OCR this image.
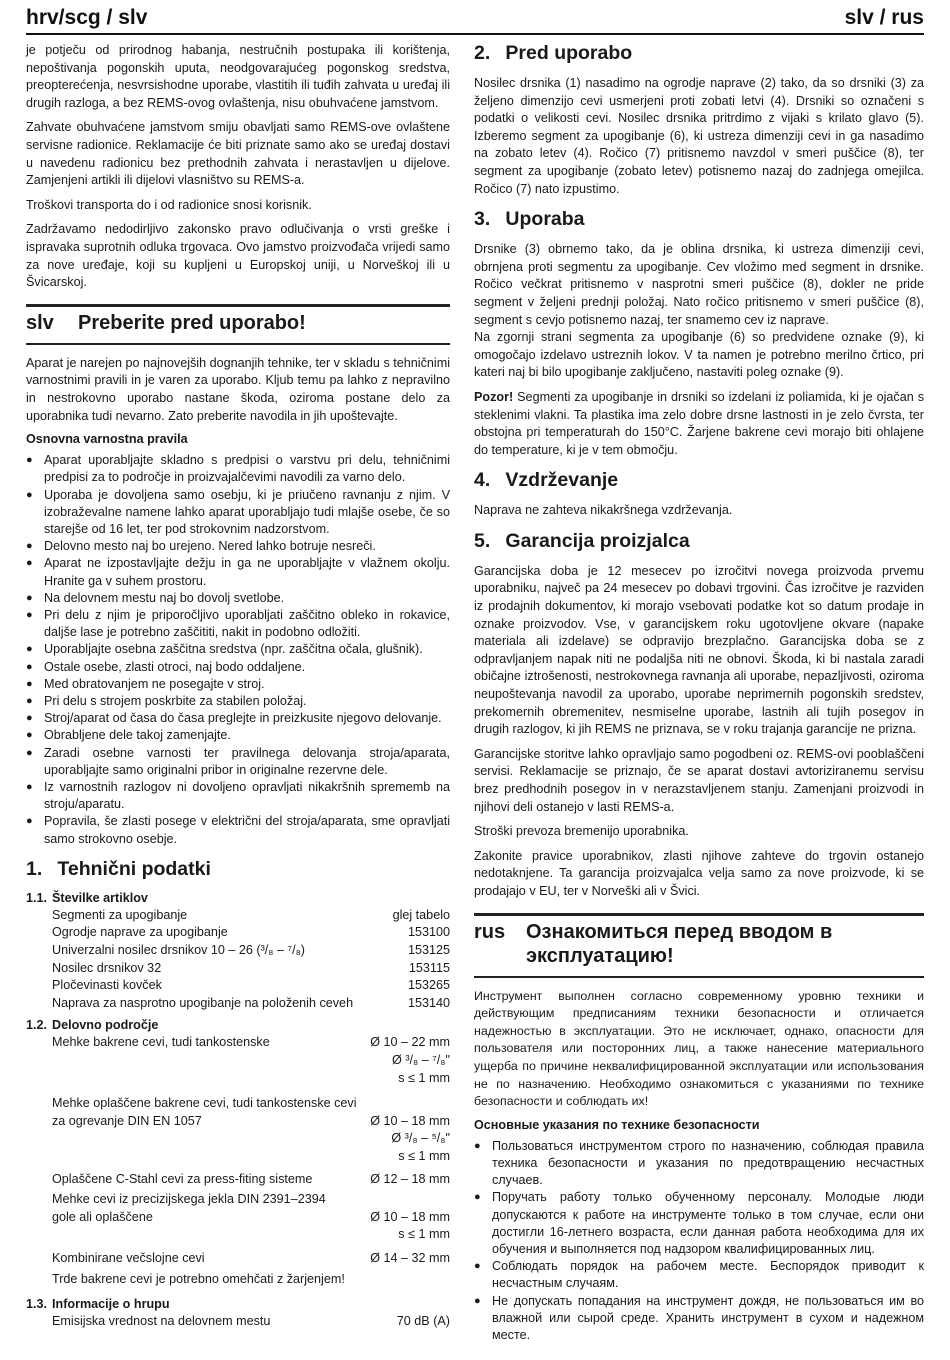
hrv/scg / slv	slv / rus

je potječu od prirodnog habanja, nestručnih postupaka ili korištenja, nepoštivanja pogonskih uputa, neodgovarajućeg pogonskog sredstva, preopterećenja, nesvrsishodne uporabe, vlastitih ili tuđih zahvata u uređaj ili drugih razloga, a bez REMS-ovog ovlaštenja, nisu obuhvaćene jamstvom.

Zahvate obuhvaćene jamstvom smiju obavljati samo REMS-ove ovlaštene servisne radionice. Reklamacije će biti priznate samo ako se uređaj dostavi u navedenu radionicu bez prethodnih zahvata i nerastavljen u dijelove. Zamjenjeni artikli ili dijelovi vlasništvo su REMS-a.

Troškovi transporta do i od radionice snosi korisnik.

Zadržavamo nedodirljivo zakonsko pravo odlučivanja o vrsti greške i ispravaka suprotnih odluka trgovaca. Ovo jamstvo proizvođača vrijedi samo za nove uređaje, koji su kupljeni u Europskoj uniji, u Norveškoj ili u Švicarskoj.

slv	Preberite pred uporabo!

Aparat je narejen po najnovejših dognanjih tehnike, ter v skladu s tehničnimi varnostnimi pravili in je varen za uporabo. Kljub temu pa lahko z nepravilno in nestrokovno uporabo nastane škoda, oziroma postane delo za uporabnika tudi nevarno. Zato preberite navodila in jih upoštevajte.

Osnovna varnostna pravila
● Aparat uporabljajte skladno s predpisi o varstvu pri delu, tehničnimi predpisi za to področje in proizvajalčevimi navodili za varno delo.
● Uporaba je dovoljena samo osebju, ki je priučeno ravnanju z njim. V izobraževalne namene lahko aparat uporabljajo tudi mlajše osebe, če so starejše od 16 let, ter pod strokovnim nadzorstvom.
● Delovno mesto naj bo urejeno. Nered lahko botruje nesreči.
● Aparat ne izpostavljajte dežju in ga ne uporabljajte v vlažnem okolju. Hranite ga v suhem prostoru.
● Na delovnem mestu naj bo dovolj svetlobe.
● Pri delu z njim je priporočljivo uporabljati zaščitno obleko in rokavice, daljše lase je potrebno zaščititi, nakit in podobno odložiti.
● Uporabljajte osebna zaščitna sredstva (npr. zaščitna očala, glušnik).
● Ostale osebe, zlasti otroci, naj bodo oddaljene.
● Med obratovanjem ne posegajte v stroj.
● Pri delu s strojem poskrbite za stabilen položaj.
● Stroj/aparat od časa do časa preglejte in preizkusite njegovo delovanje.
● Obrabljene dele takoj zamenjajte.
● Zaradi osebne varnosti ter pravilnega delovanja stroja/aparata, uporabljajte samo originalni pribor in originalne rezervne dele.
● Iz varnostnih razlogov ni dovoljeno opravljati nikakršnih sprememb na stroju/aparatu.
● Popravila, še zlasti posege v električni del stroja/aparata, sme opravljati samo strokovno osebje.
1. Tehnični podatki
1.1. Številke artiklov
Segmenti za upogibanje	glej tabelo
Ogrodje naprave za upogibanje	153100
Univerzalni nosilec drsnikov 10 – 26 (³/₈ – ⁷/₈)	153125
Nosilec drsnikov 32	153115
Pločevinasti kovček	153265
Naprava za nasprotno upogibanje na položenih ceveh	153140
1.2. Delovno področje
Mehke bakrene cevi, tudi tankostenske	Ø 10 – 22 mm
Ø ³/₈ – ⁷/₈"
s ≤ 1 mm
Mehke oplaščene bakrene cevi, tudi tankostenske cevi za ogrevanje DIN EN 1057	Ø 10 – 18 mm
Ø ³/₈ – ⁵/₈"
s ≤ 1 mm
Oplaščene C-Stahl cevi za press-fiting sisteme	Ø 12 – 18 mm
Mehke cevi iz precizijskega jekla DIN 2391–2394 gole ali oplaščene	Ø 10 – 18 mm
s ≤ 1 mm
Kombinirane večslojne cevi	Ø 14 – 32 mm
Trde bakrene cevi je potrebno omehčati z žarjenjem!
1.3. Informacije o hrupu
Emisijska vrednost na delovnem mestu	70 dB (A)
2. Pred uporabo

Nosilec drsnika (1) nasadimo na ogrodje naprave (2) tako, da so drsniki (3) za željeno dimenzijo cevi usmerjeni proti zobati letvi (4). Drsniki so označeni s podatki o velikosti cevi. Nosilec drsnika pritrdimo z vijaki s krilato glavo (5). Izberemo segment za upogibanje (6), ki ustreza dimenziji cevi in ga nasadimo na zobato letev (4). Ročico (7) pritisnemo navzdol v smeri puščice (8), ter segment za upogibanje (zobato letev) potisnemo nazaj do zadnjega omejilca. Ročico (7) nato izpustimo.

3. Uporaba

Drsnike (3) obrnemo tako, da je oblina drsnika, ki ustreza dimenziji cevi, obrnjena proti segmentu za upogibanje. Cev vložimo med segment in drsnike. Ročico večkrat pritisnemo v nasprotni smeri puščice (8), dokler ne pride segment v željeni prednji položaj. Nato ročico pritisnemo v smeri puščice (8), segment s cevjo potisnemo nazaj, ter snamemo cev iz naprave.

Na zgornji strani segmenta za upogibanje (6) so predvidene oznake (9), ki omogočajo izdelavo ustreznih lokov. V ta namen je potrebno merilno črtico, pri kateri naj bi bilo upogibanje zaključeno, nastaviti poleg oznake (9).

Pozor! Segmenti za upogibanje in drsniki so izdelani iz poliamida, ki je ojačan s steklenimi vlakni. Ta plastika ima zelo dobre drsne lastnosti in je zelo čvrsta, ter obstojna pri temperaturah do 150°C. Žarjene bakrene cevi morajo biti ohlajene do temperature, ki je v tem območju.

4. Vzdrževanje

Naprava ne zahteva nikakršnega vzdrževanja.

5. Garancija proizjalca

Garancijska doba je 12 mesecev po izročitvi novega proizvoda prvemu uporabniku, največ pa 24 mesecev po dobavi trgovini. Čas izročitve je razviden iz prodajnih dokumentov, ki morajo vsebovati podatke kot so datum prodaje in oznake proizvodov. Vse, v garancijskem roku ugotovljene okvare (napake materiala ali izdelave) se odpravijo brezplačno. Garancijska doba se z odpravljanjem napak niti ne podaljša niti ne obnovi. Škoda, ki bi nastala zaradi običajne iztrošenosti, nestrokovnega ravnanja ali uporabe, nepazljivosti, oziroma neupoštevanja navodil za uporabo, uporabe neprimernih pogonskih sredstev, prekomernih obremenitev, nesmiselne uporabe, lastnih ali tujih posegov in drugih razlogov, ki jih REMS ne priznava, se v roku trajanja garancije ne prizna.

Garancijske storitve lahko opravljajo samo pogodbeni oz. REMS-ovi pooblaščeni servisi. Reklamacije se priznajo, če se aparat dostavi avtoriziranemu servisu brez predhodnih posegov in v nerazstavljenem stanju. Zamenjani proizvodi in njihovi deli ostanejo v lasti REMS-a.

Stroški prevoza bremenijo uporabnika.

Zakonite pravice uporabnikov, zlasti njihove zahteve do trgovin ostanejo nedotaknjene. Ta garancija proizvajalca velja samo za nove proizvode, ki se prodajajo v EU, ter v Norveški ali v Švici.

rus	Ознакомиться перед вводом в эксплуатацию!

Инструмент выполнен согласно современному уровню техники и действующим предписаниям техники безопасности и отличается надежностью в эксплуатации. Это не исключает, однако, опасности для пользователя или посторонних лиц, а также нанесение материального ущерба по причине неквалифицированной эксплуатации или использования не по назначению. Необходимо ознакомиться с указаниями по технике безопасности и соблюдать их!

Основные указания по технике безопасности
● Пользоваться инструментом строго по назначению, соблюдая правила техника безопасности и указания по предотвращению несчастных случаев.
● Поручать работу только обученному персоналу. Молодые люди допускаются к работе на инструменте только в том случае, если они достигли 16-летнего возраста, если данная работа необходима для их обучения и выполняется под надзором квалифицированных лиц.
● Соблюдать порядок на рабочем месте. Беспорядок приводит к несчастным случаям.
● Не допускать попадания на инструмент дождя, не пользоваться им во влажной или сырой среде. Хранить инструмент в сухом и надежном месте.
